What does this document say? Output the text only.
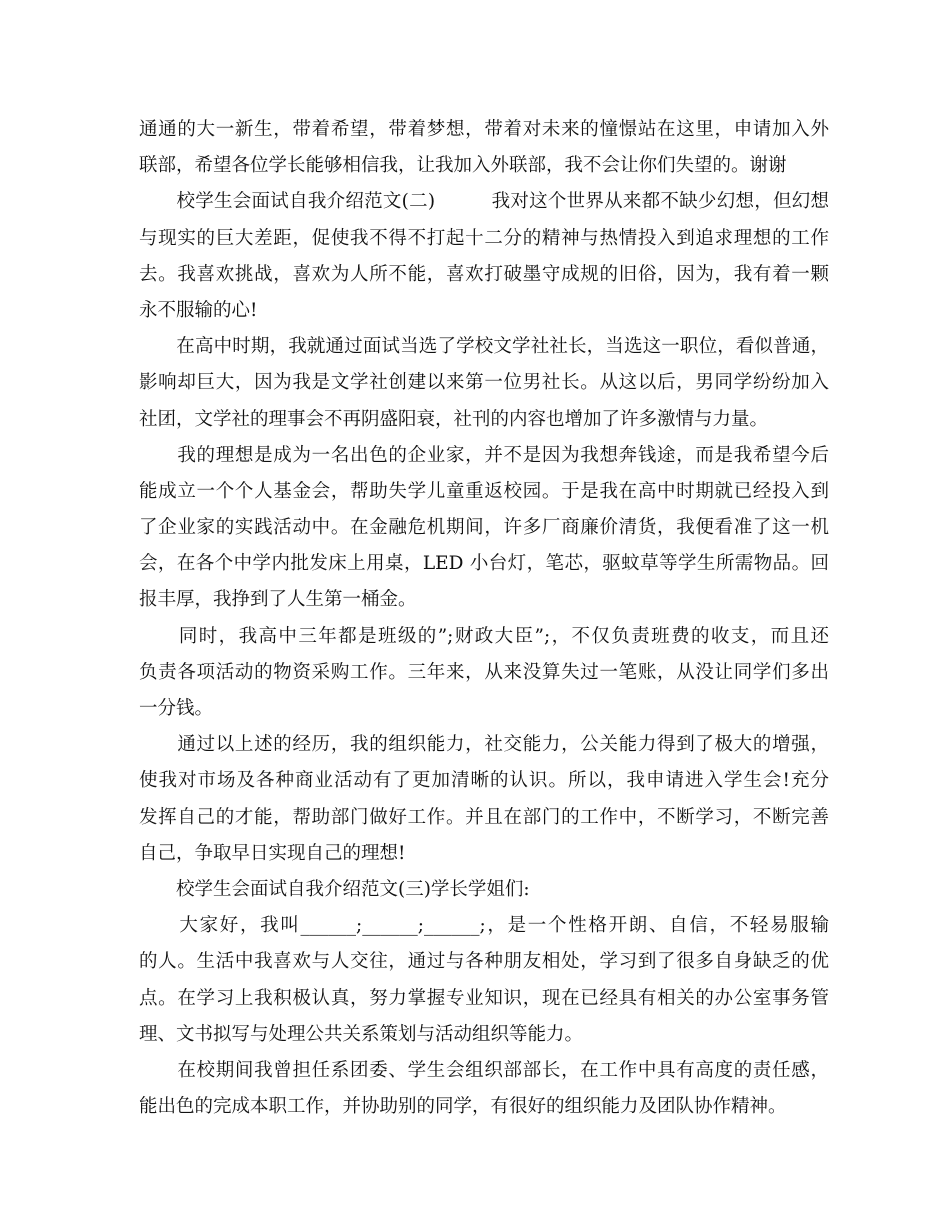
通通的大一新生，带着希望，带着梦想，带着对未来的憧憬站在这里，申请加入外
联部，希望各位学长能够相信我，让我加入外联部，我不会让你们失望的。谢谢
　　校学生会面试自我介绍范文(二)　　　我对这个世界从来都不缺少幻想，但幻想
与现实的巨大差距，促使我不得不打起十二分的精神与热情投入到追求理想的工作
去。我喜欢挑战，喜欢为人所不能，喜欢打破墨守成规的旧俗，因为，我有着一颗
永不服输的心!
　　在高中时期，我就通过面试当选了学校文学社社长，当选这一职位，看似普通，
影响却巨大，因为我是文学社创建以来第一位男社长。从这以后，男同学纷纷加入
社团，文学社的理事会不再阴盛阳衰，社刊的内容也增加了许多激情与力量。
　　我的理想是成为一名出色的企业家，并不是因为我想奔钱途，而是我希望今后
能成立一个个人基金会，帮助失学儿童重返校园。于是我在高中时期就已经投入到
了企业家的实践活动中。在金融危机期间，许多厂商廉价清货，我便看准了这一机
会，在各个中学内批发床上用桌，LED 小台灯，笔芯，驱蚊草等学生所需物品。回
报丰厚，我挣到了人生第一桶金。
　　同时，我高中三年都是班级的”;财政大臣”;，不仅负责班费的收支，而且还
负责各项活动的物资采购工作。三年来，从来没算失过一笔账，从没让同学们多出
一分钱。
　　通过以上述的经历，我的组织能力，社交能力，公关能力得到了极大的增强，
使我对市场及各种商业活动有了更加清晰的认识。所以，我申请进入学生会!充分
发挥自己的才能，帮助部门做好工作。并且在部门的工作中，不断学习，不断完善
自己，争取早日实现自己的理想!
　　校学生会面试自我介绍范文(三)学长学姐们:
　　大家好，我叫______;______;______;，是一个性格开朗、自信，不轻易服输
的人。生活中我喜欢与人交往，通过与各种朋友相处，学习到了很多自身缺乏的优
点。在学习上我积极认真，努力掌握专业知识，现在已经具有相关的办公室事务管
理、文书拟写与处理公共关系策划与活动组织等能力。
　　在校期间我曾担任系团委、学生会组织部部长，在工作中具有高度的责任感，
能出色的完成本职工作，并协助别的同学，有很好的组织能力及团队协作精神。
